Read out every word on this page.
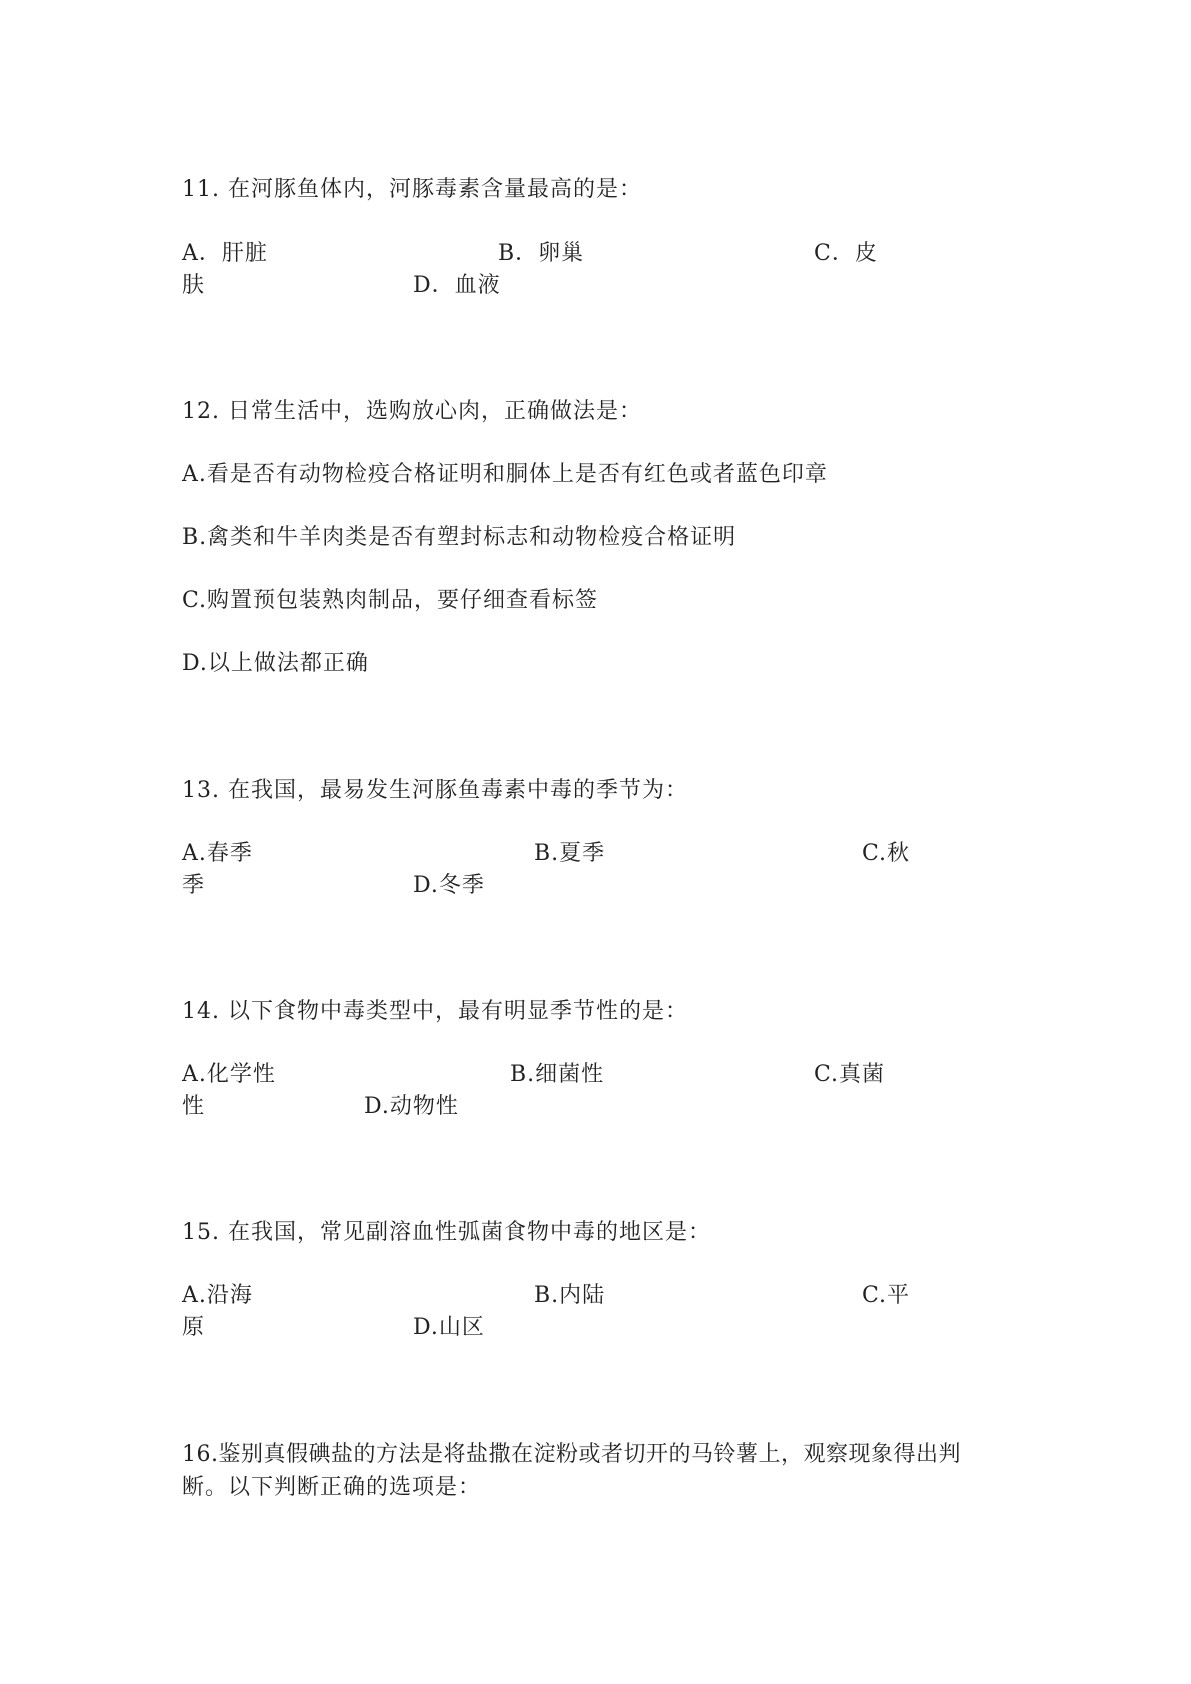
11. 在河豚鱼体内，河豚毒素含量最高的是：
A．肝脏	B．卵巢	C．皮
肤	D．血液
12. 日常生活中，选购放心肉，正确做法是：
A.看是否有动物检疫合格证明和胴体上是否有红色或者蓝色印章
B.禽类和牛羊肉类是否有塑封标志和动物检疫合格证明
C.购置预包装熟肉制品，要仔细查看标签
D.以上做法都正确
13. 在我国，最易发生河豚鱼毒素中毒的季节为：
A.春季	B.夏季	C.秋
季	D.冬季
14. 以下食物中毒类型中，最有明显季节性的是：
A.化学性	B.细菌性	C.真菌
性	D.动物性
15. 在我国，常见副溶血性弧菌食物中毒的地区是：
A.沿海	B.内陆	C.平
原	D.山区
16.鉴别真假碘盐的方法是将盐撒在淀粉或者切开的马铃薯上，观察现象得出判
断。以下判断正确的选项是：
